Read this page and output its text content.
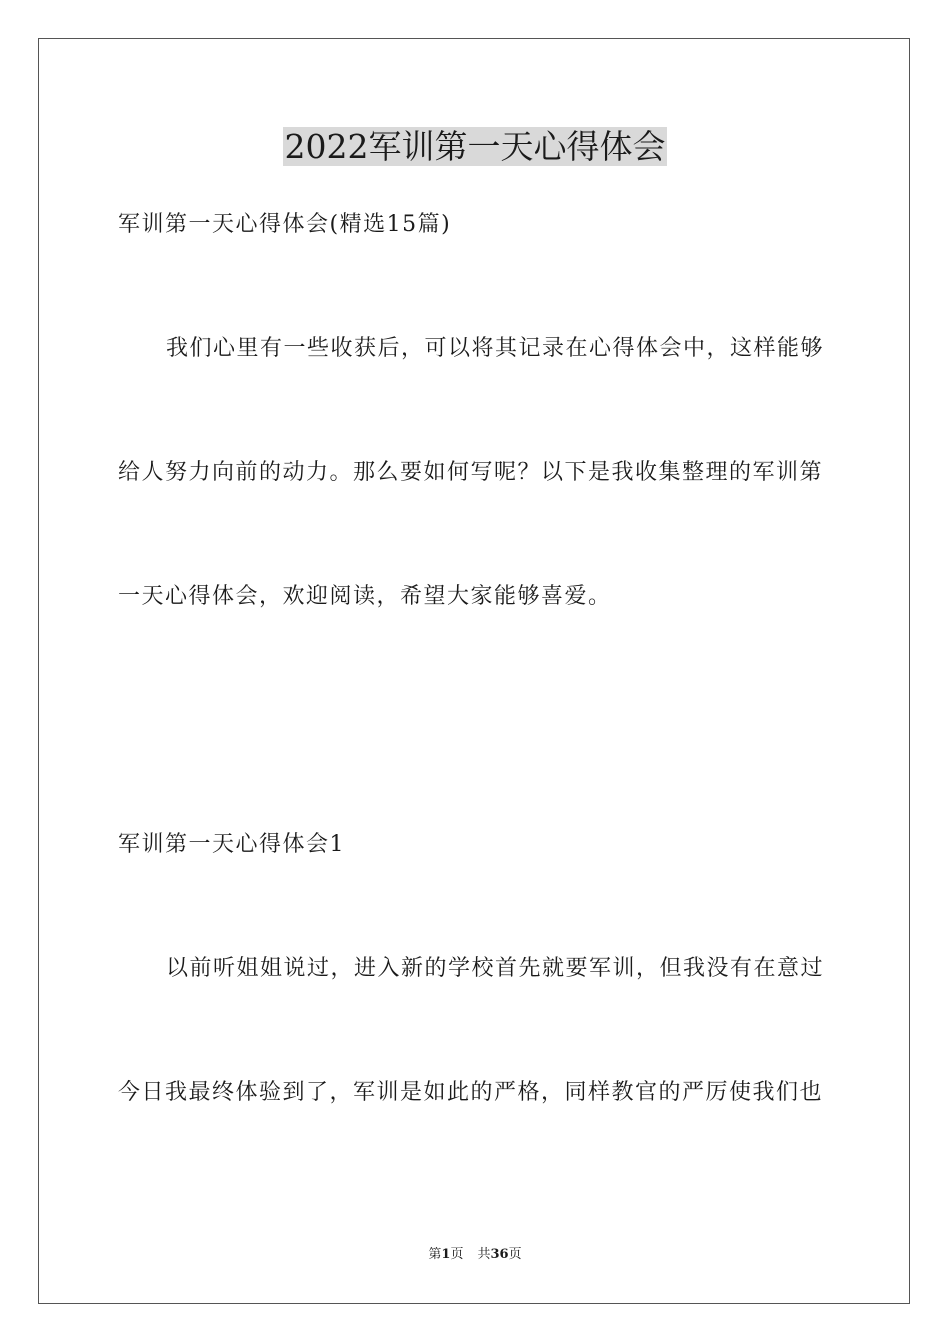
2022军训第一天心得体会

军训第一天心得体会(精选15篇)

我们心里有一些收获后，可以将其记录在心得体会中，这样能够

给人努力向前的动力。那么要如何写呢？以下是我收集整理的军训第

一天心得体会，欢迎阅读，希望大家能够喜爱。

军训第一天心得体会1

以前听姐姐说过，进入新的学校首先就要军训，但我没有在意过

今日我最终体验到了，军训是如此的严格，同样教官的严厉使我们也

第1页 共36页
